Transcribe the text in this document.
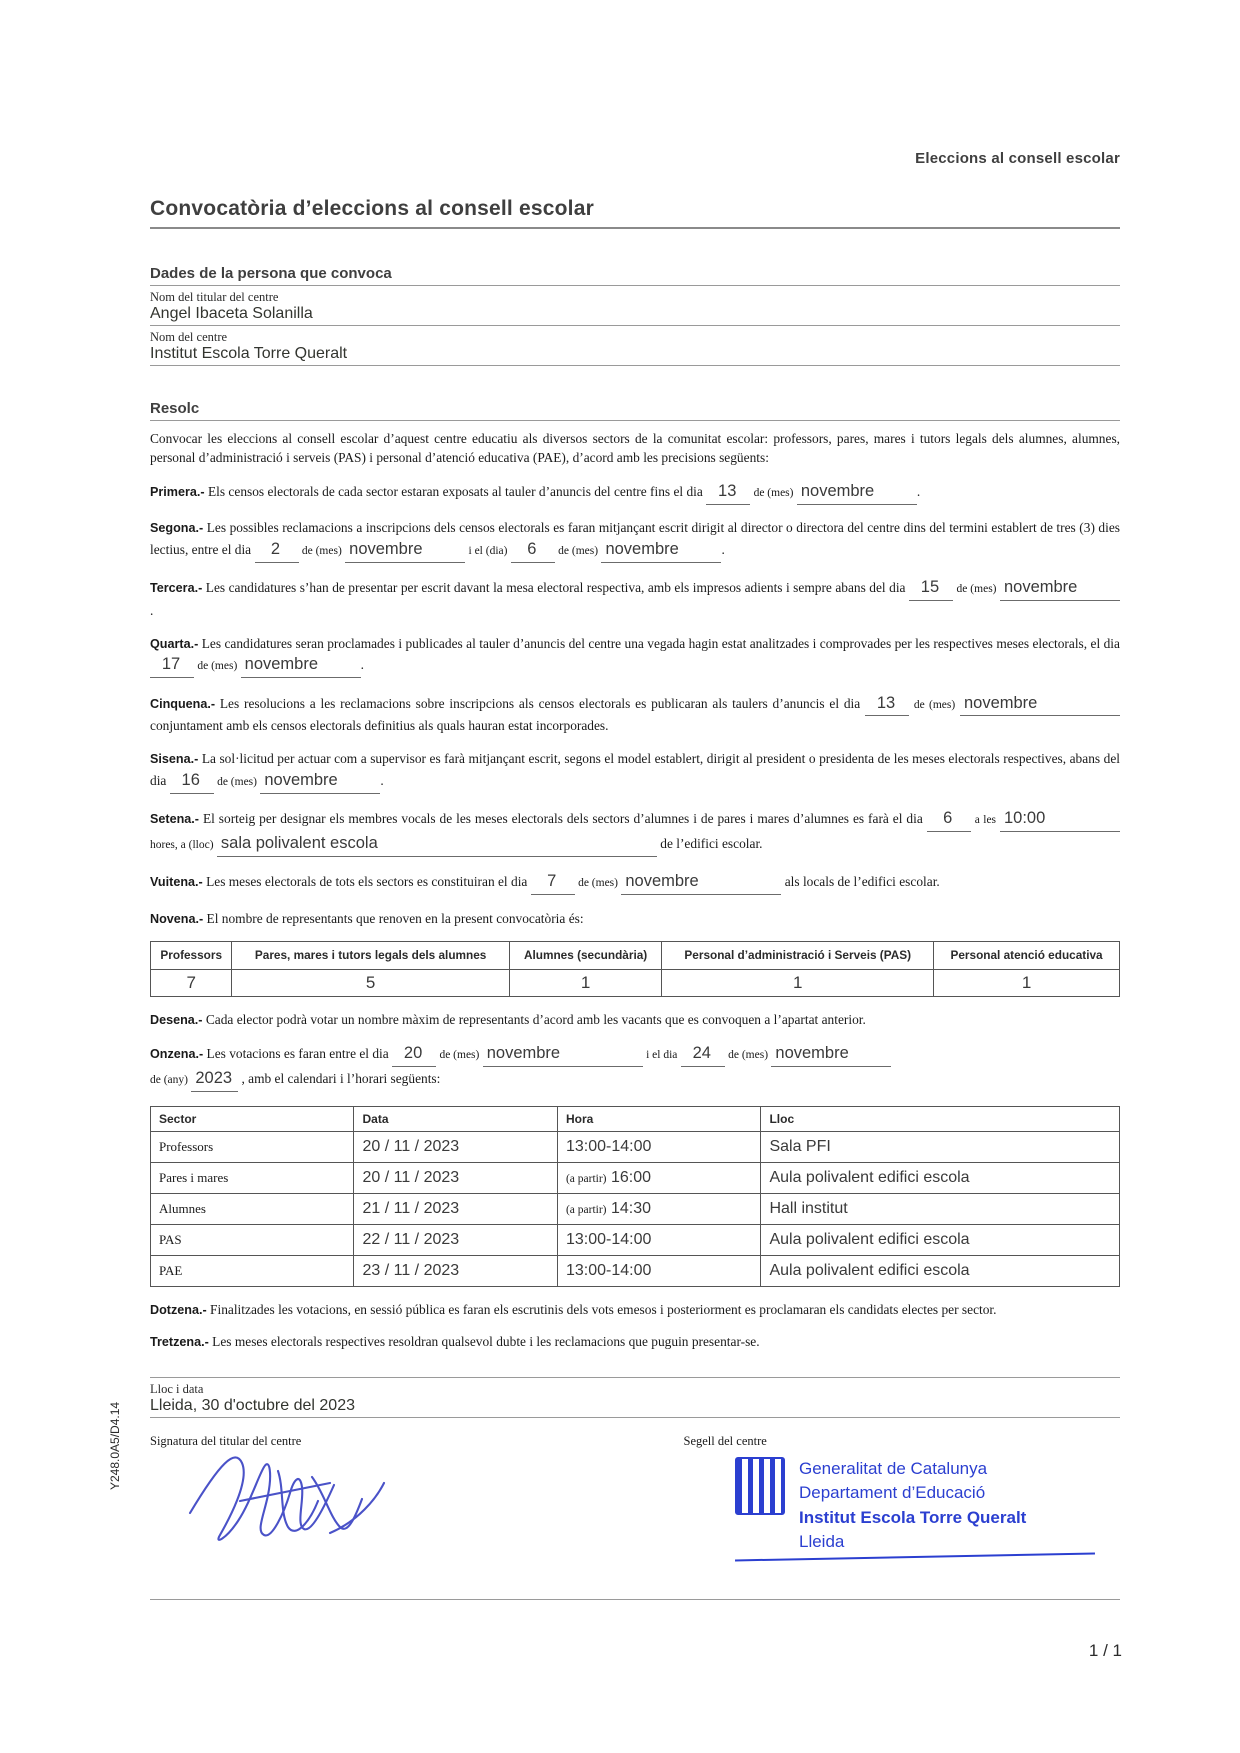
Eleccions al consell escolar
Convocatòria d’eleccions al consell escolar
Dades de la persona que convoca
Nom del titular del centre
Angel Ibaceta Solanilla
Nom del centre
Institut Escola Torre Queralt
Resolc

Convocar les eleccions al consell escolar d’aquest centre educatiu als diversos sectors de la comunitat escolar: professors, pares, mares i tutors legals dels alumnes, alumnes, personal d’administració i serveis (PAS) i personal d’atenció educativa (PAE), d’acord amb les precisions següents:

Primera.- Els censos electorals de cada sector estaran exposats al tauler d’anuncis del centre fins el dia 13 de (mes) novembre	.

Segona.- Les possibles reclamacions a inscripcions dels censos electorals es faran mitjançant escrit dirigit al director o directora del centre dins del termini establert de tres (3) dies lectius, entre el dia 2 de (mes) novembre	i el (dia) 6 de (mes) novembre	.

Tercera.- Les candidatures s’han de presentar per escrit davant la mesa electoral respectiva, amb els impresos adients i sempre abans del dia 15 de (mes) novembre.

Quarta.- Les candidatures seran proclamades i publicades al tauler d’anuncis del centre una vegada hagin estat analitzades i comprovades per les respectives meses electorals, el dia 17 de (mes) novembre	.

Cinquena.- Les resolucions a les reclamacions sobre inscripcions als censos electorals es publicaran als taulers d’anuncis el dia 13 de (mes) novembre conjuntament amb els censos electorals definitius als quals hauran estat incorporades.

Sisena.- La sol·licitud per actuar com a supervisor es farà mitjançant escrit, segons el model establert, dirigit al president o presidenta de les meses electorals respectives, abans del dia 16 de (mes) novembre	.

Setena.- El sorteig per designar els membres vocals de les meses electorals dels sectors d’alumnes i de pares i mares d’alumnes es farà el dia 6 a les 10:00 hores, a (lloc) sala polivalent escola	de l’edifici escolar.

Vuitena.- Les meses electorals de tots els sectors es constituiran el dia 7 de (mes) novembre	als locals de l’edifici escolar.

Novena.- El nombre de representants que renoven en la present convocatòria és:

Professors	Pares, mares i tutors legals dels alumnes	Alumnes (secundària)	Personal d’administració i Serveis (PAS)	Personal atenció educativa
7	5	1	1	1

Desena.- Cada elector podrà votar un nombre màxim de representants d’acord amb les vacants que es convoquen a l’apartat anterior.

Onzena.- Les votacions es faran entre el dia 20 de (mes) novembre	i el dia 24 de (mes) novembre
de (any) 2023 , amb el calendari i l’horari següents:

Sector	Data	Hora	Lloc
Professors	20 / 11 / 2023	13:00-14:00	Sala PFI
Pares i mares	20 / 11 / 2023	(a partir) 16:00	Aula polivalent edifici escola
Alumnes	21 / 11 / 2023	(a partir) 14:30	Hall institut
PAS	22 / 11 / 2023	13:00-14:00	Aula polivalent edifici escola
PAE	23 / 11 / 2023	13:00-14:00	Aula polivalent edifici escola

Dotzena.- Finalitzades les votacions, en sessió pública es faran els escrutinis dels vots emesos i posteriorment es proclamaran els candidats electes per sector.

Tretzena.- Les meses electorals respectives resoldran qualsevol dubte i les reclamacions que puguin presentar-se.

Lloc i data
Lleida, 30 d'octubre del 2023
Signatura del titular del centre	Segell del centre
Generalitat de Catalunya
Departament d’Educació
Institut Escola Torre Queralt
Lleida
Y248.0A5/D4.14
1 / 1
